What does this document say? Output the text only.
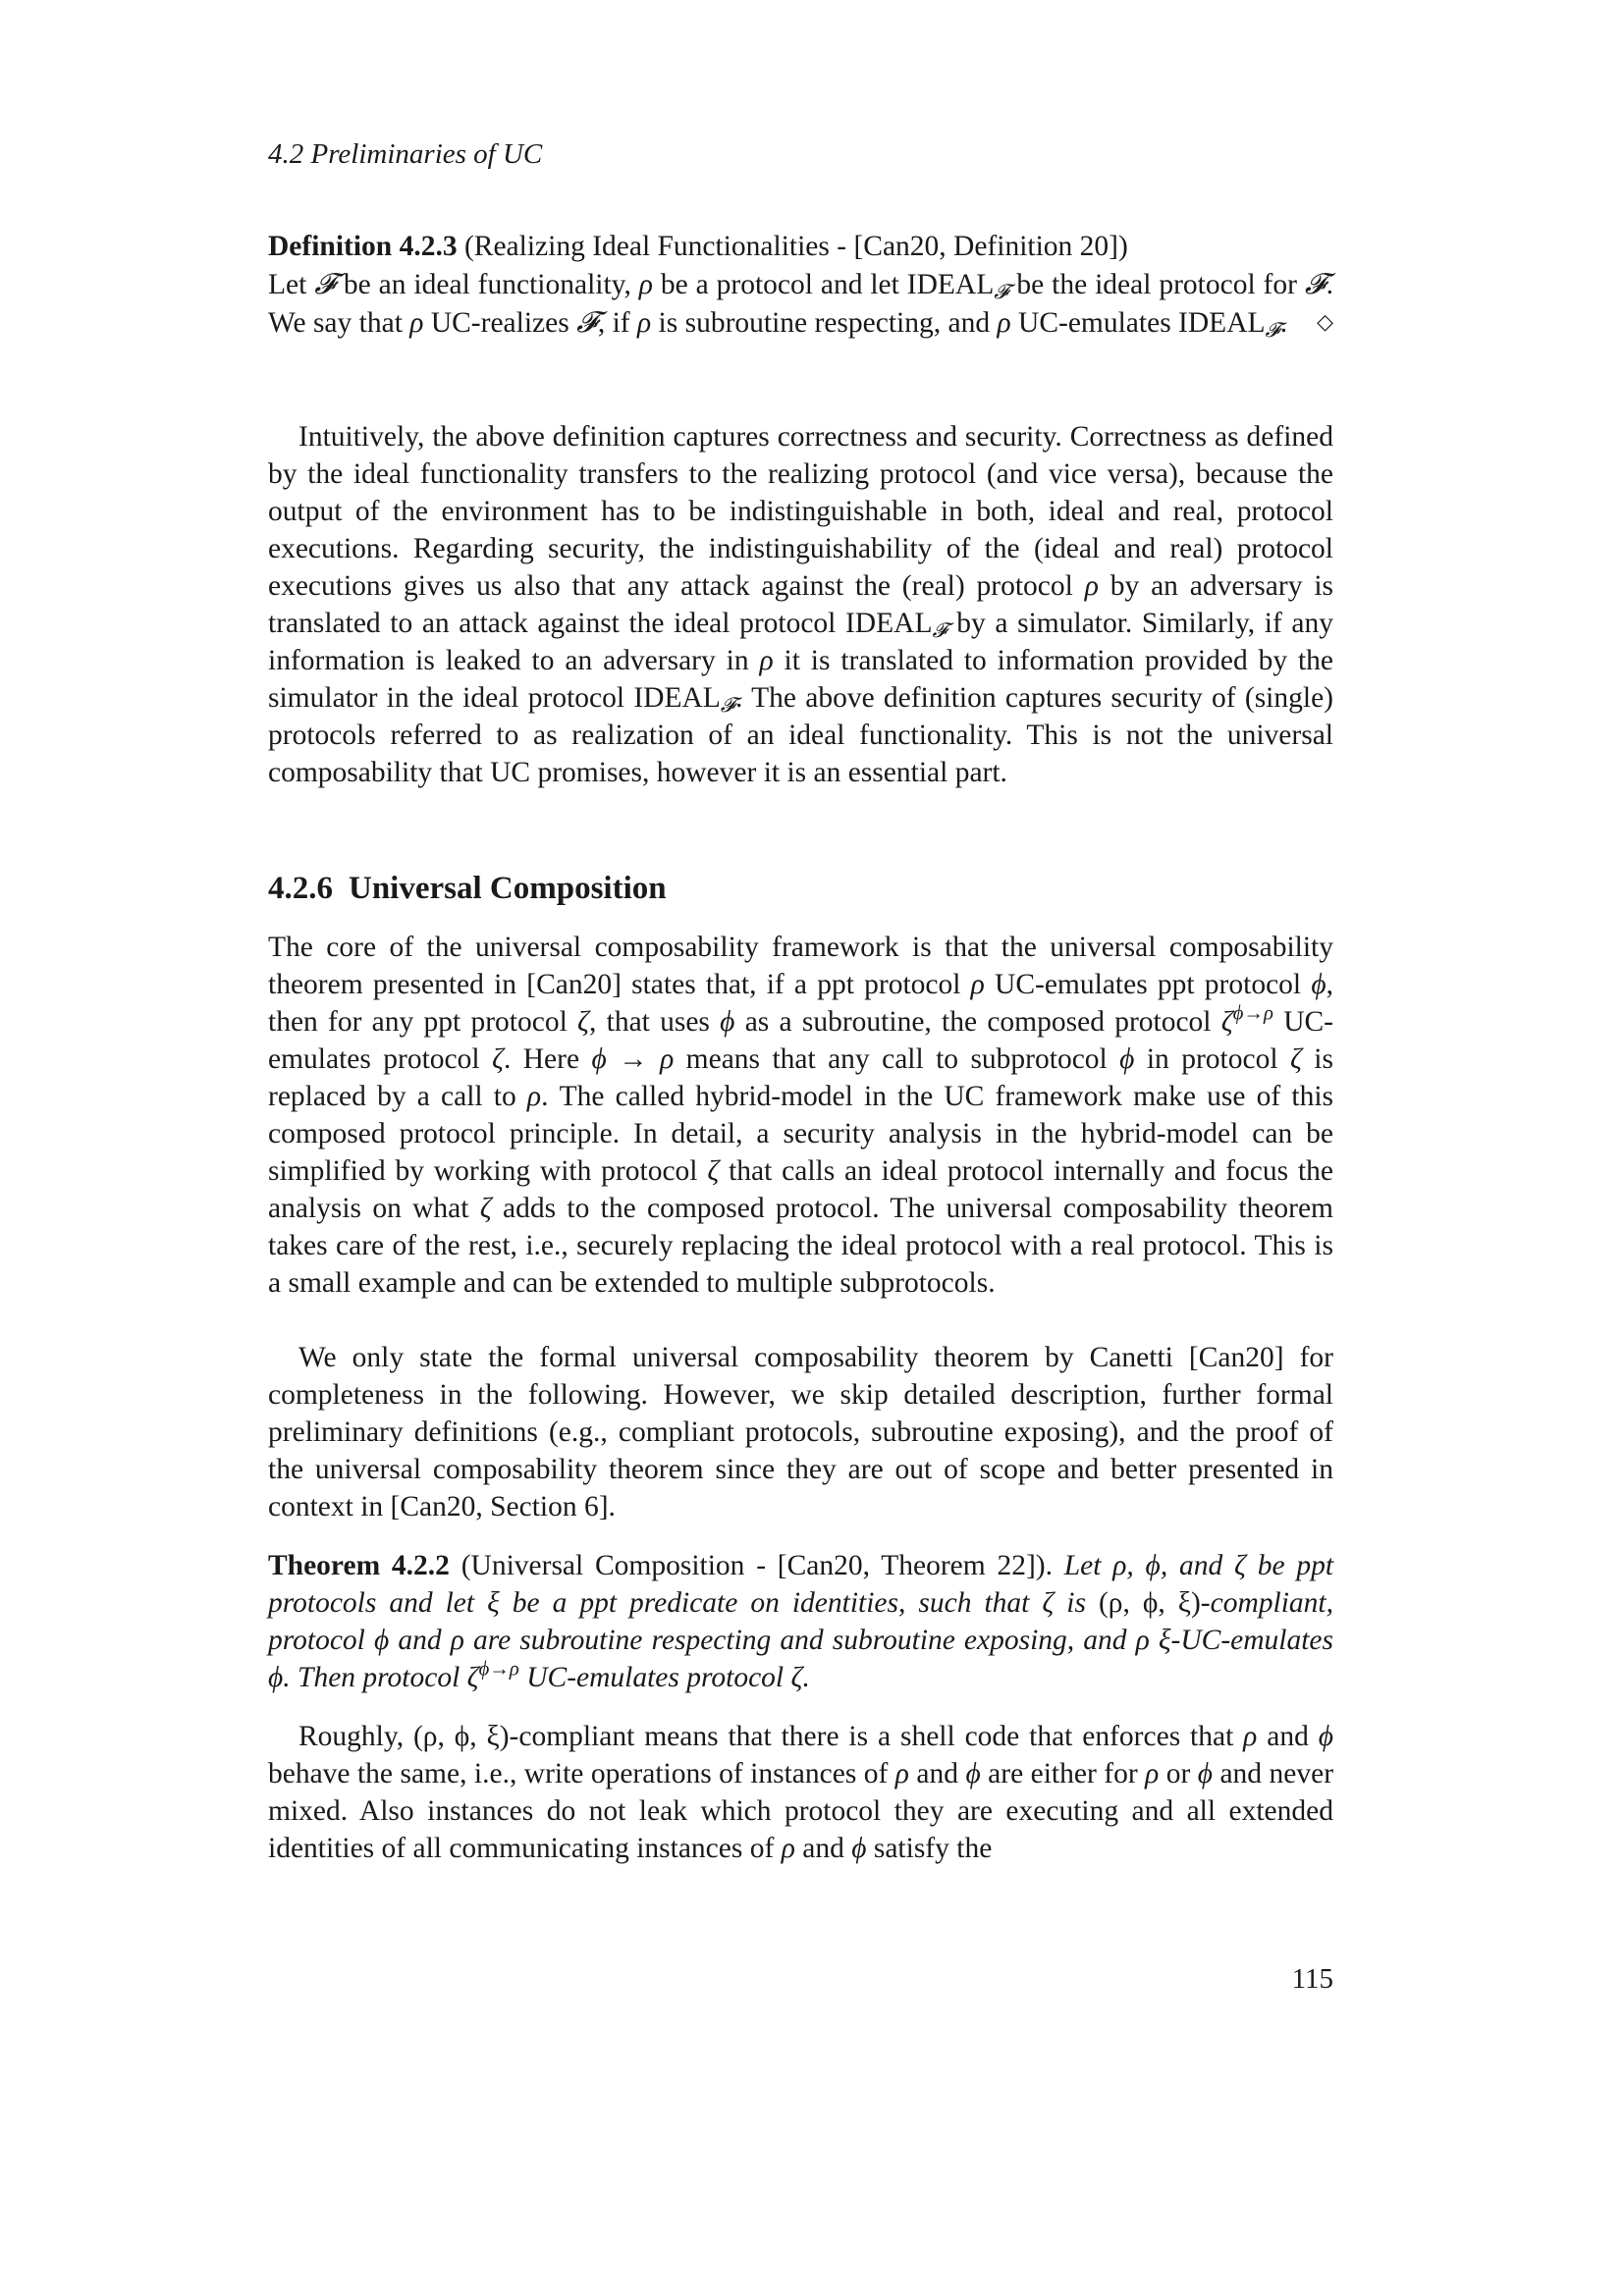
4.2 Preliminaries of UC

Definition 4.2.3 (Realizing Ideal Functionalities - [Can20, Definition 20])
Let 𝓕 be an ideal functionality, ρ be a protocol and let $IDEAL_𝓕$ be the ideal protocol for 𝓕. We say that ρ UC-realizes 𝓕, if ρ is subroutine respecting, and ρ UC-emulates $IDEAL_𝓕$. ◇

Intuitively, the above definition captures correctness and security. Correctness as defined by the ideal functionality transfers to the realizing protocol (and vice versa), because the output of the environment has to be indistinguishable in both, ideal and real, protocol executions. Regarding security, the indistinguishability of the (ideal and real) protocol executions gives us also that any attack against the (real) protocol ρ by an adversary is translated to an attack against the ideal protocol $IDEAL_𝓕$ by a simulator. Similarly, if any information is leaked to an adversary in ρ it is translated to information provided by the simulator in the ideal protocol $IDEAL_𝓕$. The above definition captures security of (single) protocols referred to as realization of an ideal functionality. This is not the universal composability that UC promises, however it is an essential part.

4.2.6 Universal Composition

The core of the universal composability framework is that the universal composability theorem presented in [Can20] states that, if a ppt protocol ρ UC-emulates ppt protocol ϕ, then for any ppt protocol ζ, that uses ϕ as a subroutine, the composed protocol $\zeta^{\phi\to\rho}$ UC-emulates protocol ζ. Here ϕ → ρ means that any call to subprotocol ϕ in protocol ζ is replaced by a call to ρ. The called hybrid-model in the UC framework make use of this composed protocol principle. In detail, a security analysis in the hybrid-model can be simplified by working with protocol ζ that calls an ideal protocol internally and focus the analysis on what ζ adds to the composed protocol. The universal composability theorem takes care of the rest, i.e., securely replacing the ideal protocol with a real protocol. This is a small example and can be extended to multiple subprotocols.

We only state the formal universal composability theorem by Canetti [Can20] for completeness in the following. However, we skip detailed description, further formal preliminary definitions (e.g., compliant protocols, subroutine exposing), and the proof of the universal composability theorem since they are out of scope and better presented in context in [Can20, Section 6].

Theorem 4.2.2 (Universal Composition - [Can20, Theorem 22]). Let ρ, ϕ, and ζ be ppt protocols and let ξ be a ppt predicate on identities, such that ζ is (ρ, ϕ, ξ)-compliant, protocol ϕ and ρ are subroutine respecting and subroutine exposing, and ρ ξ-UC-emulates ϕ. Then protocol $\zeta^{\phi\to\rho}$ UC-emulates protocol ζ.

Roughly, (ρ, ϕ, ξ)-compliant means that there is a shell code that enforces that ρ and ϕ behave the same, i.e., write operations of instances of ρ and ϕ are either for ρ or ϕ and never mixed. Also instances do not leak which protocol they are executing and all extended identities of all communicating instances of ρ and ϕ satisfy the

115
